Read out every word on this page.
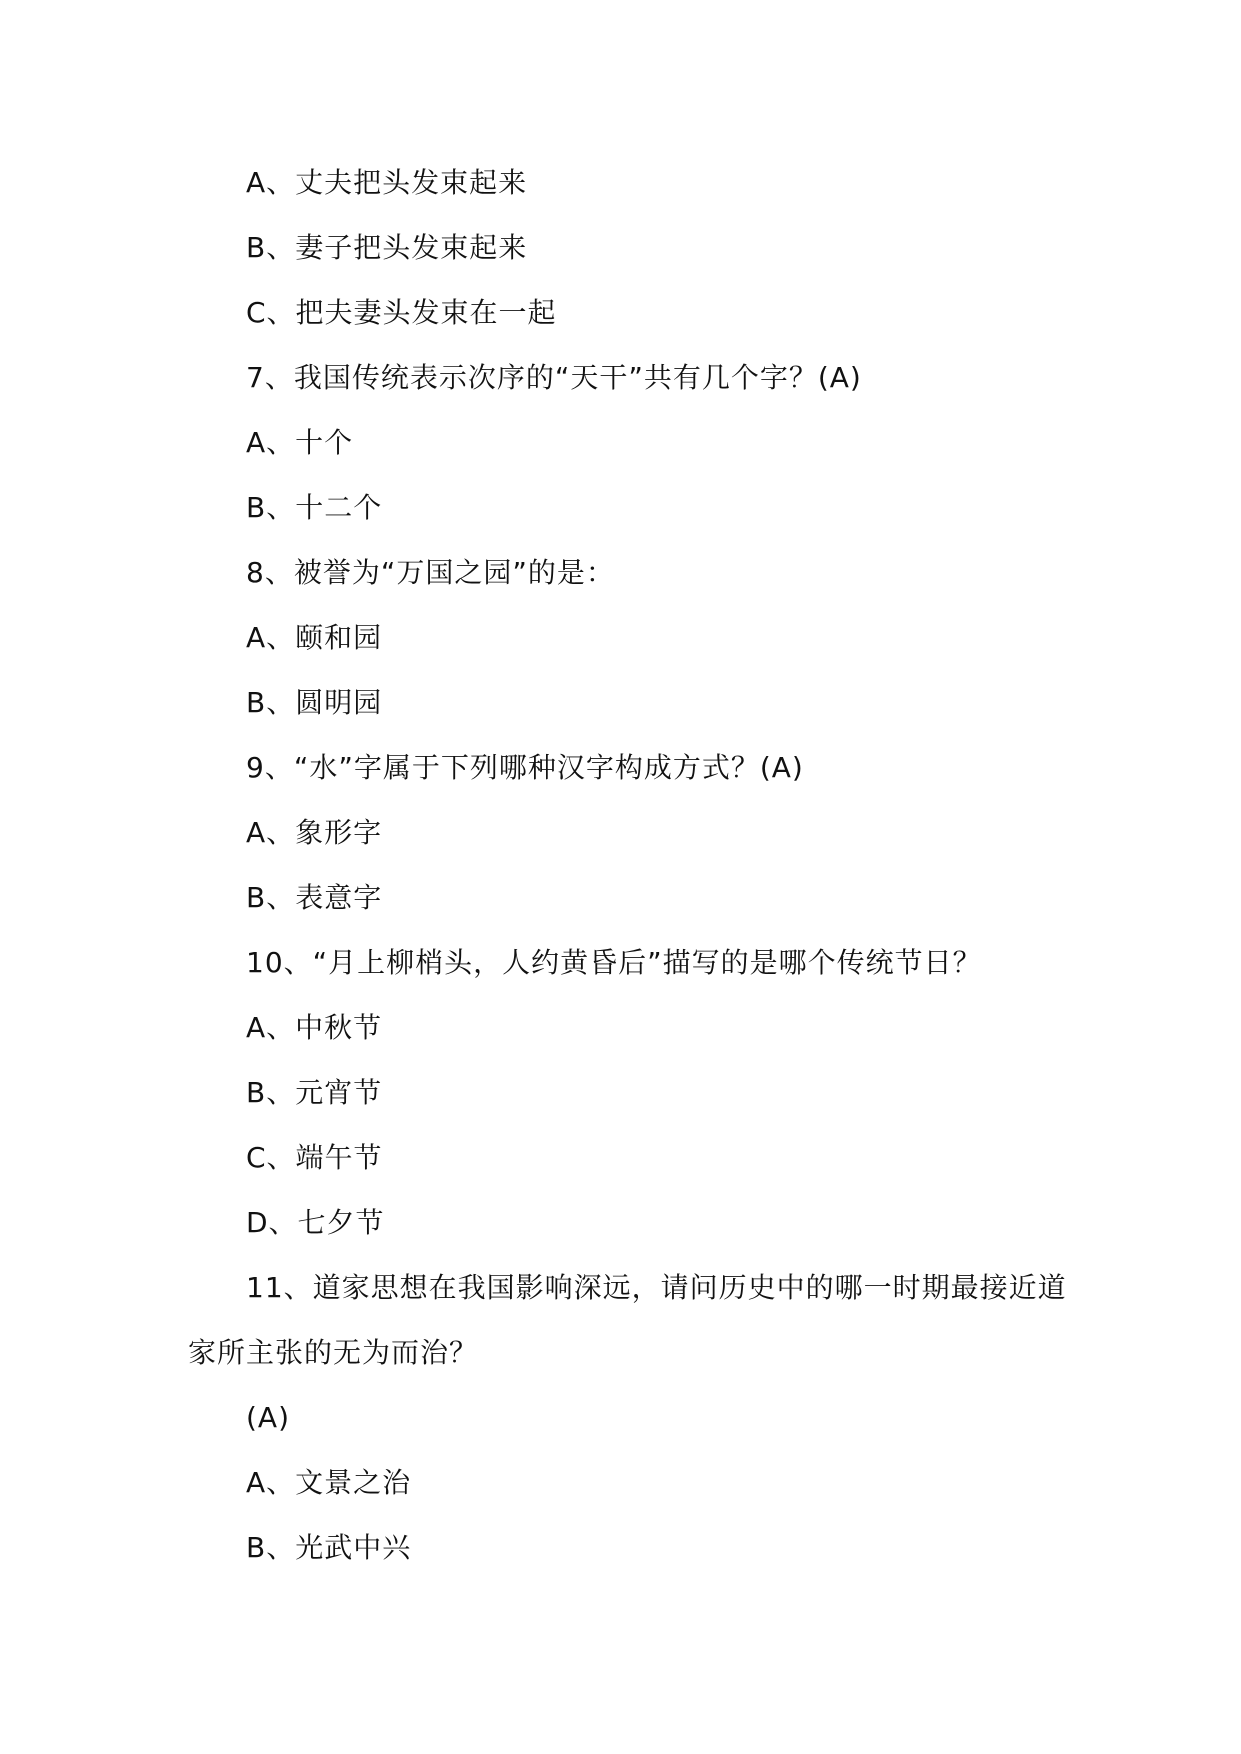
A、丈夫把头发束起来
B、妻子把头发束起来
C、把夫妻头发束在一起
7、我国传统表示次序的“天干”共有几个字？(A)
A、十个
B、十二个
8、被誉为“万国之园”的是：
A、颐和园
B、圆明园
9、“水”字属于下列哪种汉字构成方式？(A)
A、象形字
B、表意字
10、“月上柳梢头，人约黄昏后”描写的是哪个传统节日？
A、中秋节
B、元宵节
C、端午节
D、七夕节
11、道家思想在我国影响深远，请问历史中的哪一时期最接近道
家所主张的无为而治？
(A)
A、文景之治
B、光武中兴
